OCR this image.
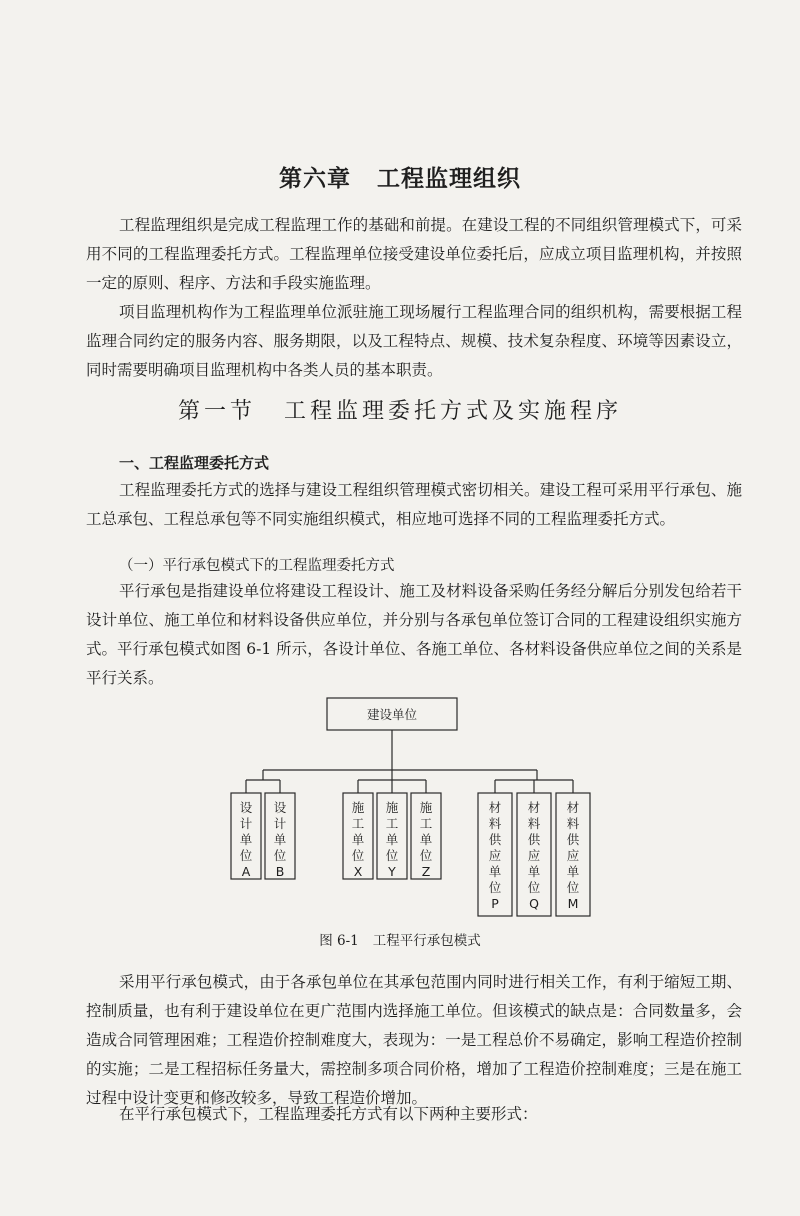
第六章 工程监理组织

工程监理组织是完成工程监理工作的基础和前提。在建设工程的不同组织管理模式下，可采用不同的工程监理委托方式。工程监理单位接受建设单位委托后，应成立项目监理机构，并按照一定的原则、程序、方法和手段实施监理。

项目监理机构作为工程监理单位派驻施工现场履行工程监理合同的组织机构，需要根据工程监理合同约定的服务内容、服务期限，以及工程特点、规模、技术复杂程度、环境等因素设立，同时需要明确项目监理机构中各类人员的基本职责。

第一节 工程监理委托方式及实施程序
一、工程监理委托方式

工程监理委托方式的选择与建设工程组织管理模式密切相关。建设工程可采用平行承包、施工总承包、工程总承包等不同实施组织模式，相应地可选择不同的工程监理委托方式。

（一）平行承包模式下的工程监理委托方式

平行承包是指建设单位将建设工程设计、施工及材料设备采购任务经分解后分别发包给若干设计单位、施工单位和材料设备供应单位，并分别与各承包单位签订合同的工程建设组织实施方式。平行承包模式如图 6-1 所示，各设计单位、各施工单位、各材料设备供应单位之间的关系是平行关系。

建设单位
设计单位 A
设计单位 B
施工单位 X
施工单位 Y
施工单位 Z
材料供应单位 P
材料供应单位 Q
材料供应单位 M
图 6-1 工程平行承包模式

采用平行承包模式，由于各承包单位在其承包范围内同时进行相关工作，有利于缩短工期、控制质量，也有利于建设单位在更广范围内选择施工单位。但该模式的缺点是：合同数量多，会造成合同管理困难；工程造价控制难度大，表现为：一是工程总价不易确定，影响工程造价控制的实施；二是工程招标任务量大，需控制多项合同价格，增加了工程造价控制难度；三是在施工过程中设计变更和修改较多，导致工程造价增加。

在平行承包模式下，工程监理委托方式有以下两种主要形式：
